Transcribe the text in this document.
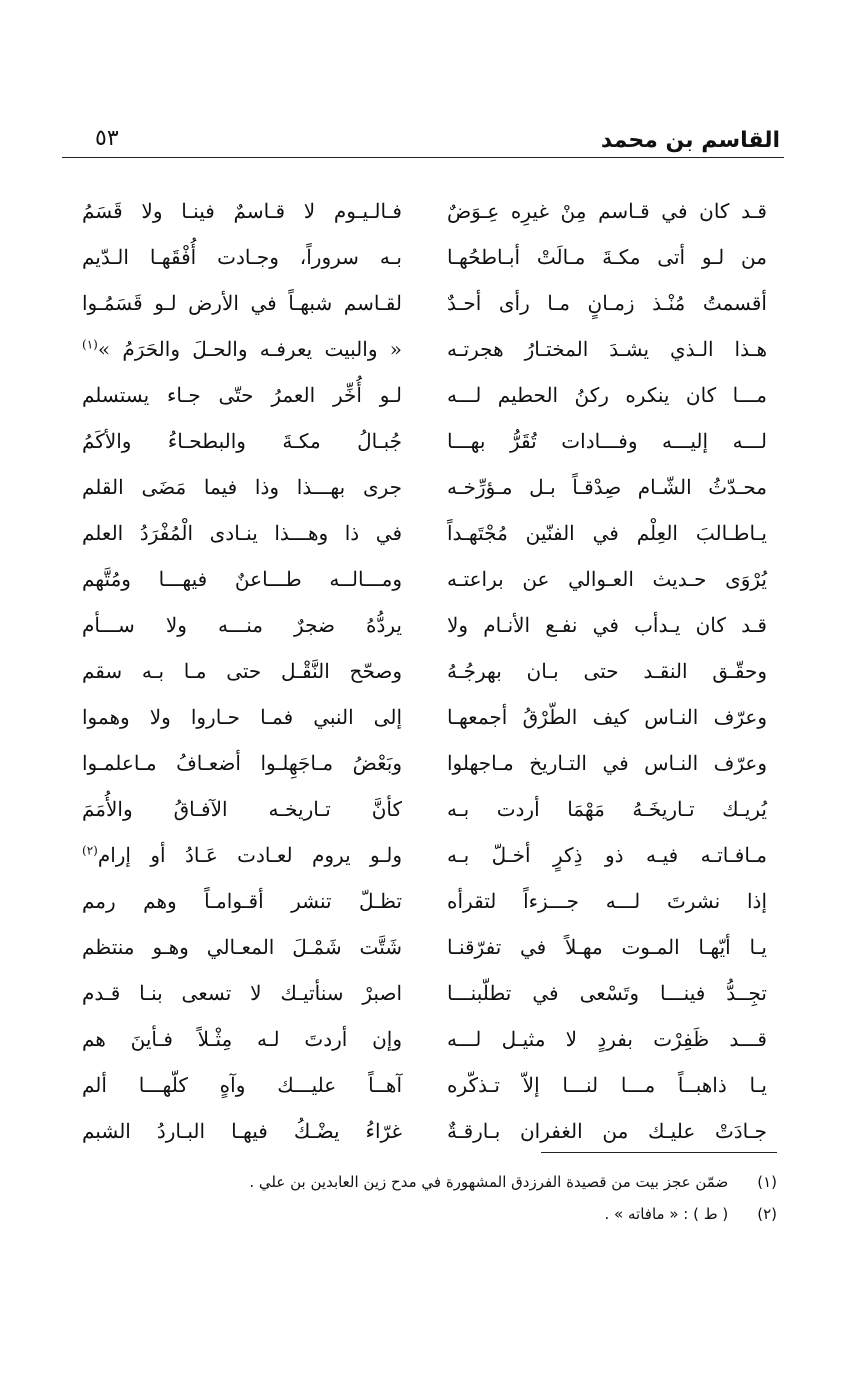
القاسم بن محمد
٥٣
قـد كان في قـاسم مِنْ غيرِه عِـوَضٌ
من لـو أتى مكـةَ مـالَتْ أبـاطحُهـا
أقسمتُ مُنْـذ زمـانٍ مـا رأى أحـدٌ
هـذا الـذي يشـدَ المختـارُ هجرتـه
مـــا كان ينكره ركنُ الحطيم لـــه
لـــه إليـــه وفـــادات تُقَرُّ بهـــا
محـدّثُ الشّـام صِدْقـاً بـل مـؤرِّخـه
يـاطـالبَ العِلْم في الفنّين مُجْتَهـداً
يُرْوَى حـديث العـوالي عن براعتـه
قـد كان يـدأب في نفـع الأنـام ولا
وحقّـق النقـد حتى بـان بهرجُـهُ
وعرّف النـاس كيف الطّرْقُ أجمعهـا
وعرّف النـاس في التـاريخ مـاجهلوا
يُريـك تـاريخَـهُ مَهْمَا أردت بـه
مـافـاتـه فيـه ذو ذِكرٍ أخـلّ بـه
إذا نشرتَ لـــه جـــزءاً لتقرأه
يـا أيّهـا المـوت مهـلاً في تفرّقنـا
تجِــدُّ فينـــا وتَسْعى في تطلّبنـــا
قـــد ظَفِرْت بفردٍ لا مثيـل لـــه
يـا ذاهبــاً مـــا لنـــا إلاّ تـذكّره
جـادَتْ عليـك من الغفران بـارقـةٌ
فـالـيـوم لا قـاسمٌ فينـا ولا قَسَمُ
بـه سروراً، وجـادت أُفْقَهـا الـدّيم
لقـاسم شبهـاً في الأرض لـو قَسَمُـوا
« والبيت يعرفـه والحـلَ والحَرَمُ »$^{(١)}$
لـو أُخِّر العمرُ حتّى جـاء يستسلم
جُبـالُ مكـةَ والبطحـاءُ والأكَمُ
جرى بهـــذا وذا فيما مَضَى القلم
في ذا وهـــذا ينـادى الْمُفْرَدُ العلم
ومـــالــه طـــاعنٌ فيهـــا ومُتَّهم
يردُّهُ ضجرٌ منـــه ولا ســـأم
وصحّح النَّقْـل حتى مـا بـه سقم
إلى النبي فمـا حـاروا ولا وهموا
وبَعْضُ مـاجَهِلـوا أضعـافُ مـاعلمـوا
كأنَّ تـاريخـه الآفـاقُ والأُمَمَ
ولـو يروم لعـادت عَـادُ أو إرام$^{(٢)}$
تظـلّ تنشر أقـوامـاً وهم رمم
شَتَّت شَمْـلَ المعـالي وهـو منتظم
اصبرْ سنأتيـك لا تسعى بنـا قـدم
وإن أردتَ لـه مِثْـلاً فـأينَ هم
آهــاً عليـــك وآهٍ كلّهـــا ألم
غرّاءُ يضْـكُ فيهـا البـاردُ الشبم
(١) ضمّن عجز بيت من قصيدة الفرزدق المشهورة في مدح زين العابدين بن علي .
(٢) ( ط ) : « مافاته » .
